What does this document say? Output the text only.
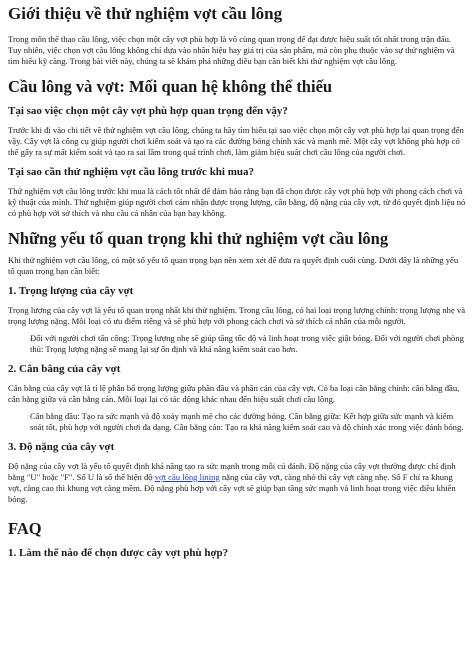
Giới thiệu về thử nghiệm vợt cầu lông

Trong môn thể thao cầu lông, việc chọn một cây vợt phù hợp là vô cùng quan trọng để đạt được hiệu suất tốt nhất trong trận đấu. Tuy nhiên, việc chọn vợt cầu lông không chỉ dựa vào nhãn hiệu hay giá trị của sản phẩm, mà còn phụ thuộc vào sự thử nghiệm và tìm hiểu kỹ càng. Trong bài viết này, chúng ta sẽ khám phá những điều bạn cần biết khi thử nghiệm vợt cầu lông.

Cầu lông và vợt: Mối quan hệ không thể thiếu
Tại sao việc chọn một cây vợt phù hợp quan trọng đến vậy?

Trước khi đi vào chi tiết về thử nghiệm vợt cầu lông, chúng ta hãy tìm hiểu tại sao việc chọn một cây vợt phù hợp lại quan trọng đến vậy. Cây vợt là công cụ giúp người chơi kiểm soát và tạo ra các đường bóng chính xác và mạnh mẽ. Một cây vợt không phù hợp có thể gây ra sự mất kiểm soát và tạo ra sai lầm trong quá trình chơi, làm giảm hiệu suất chơi cầu lông của người chơi.

Tại sao cần thử nghiệm vợt cầu lông trước khi mua?

Thử nghiệm vợt cầu lông trước khi mua là cách tốt nhất để đảm bảo rằng bạn đã chọn được cây vợt phù hợp với phong cách chơi và kỹ thuật của mình. Thử nghiệm giúp người chơi cảm nhận được trọng lượng, cân bằng, độ nặng của cây vợt, từ đó quyết định liệu nó có phù hợp với sở thích và nhu cầu cá nhân của bạn hay không.

Những yếu tố quan trọng khi thử nghiệm vợt cầu lông

Khi thử nghiệm vợt cầu lông, có một số yếu tố quan trọng bạn nên xem xét để đưa ra quyết định cuối cùng. Dưới đây là những yếu tố quan trọng bạn cần biết:

1. Trọng lượng của cây vợt

Trọng lượng của cây vợt là yếu tố quan trọng nhất khi thử nghiệm. Trong cầu lông, có hai loại trọng lượng chính: trọng lượng nhẹ và trọng lượng nặng. Mỗi loại có ưu điểm riêng và sẽ phù hợp với phong cách chơi và sở thích cá nhân của mỗi người.

Đối với người chơi tấn công: Trọng lượng nhẹ sẽ giúp tăng tốc độ và linh hoạt trong việc giật bóng. Đối với người chơi phòng thủ: Trọng lượng nặng sẽ mang lại sự ổn định và khả năng kiểm soát cao hơn.

2. Cân bằng của cây vợt

Cân bằng của cây vợt là tỉ lệ phân bổ trọng lượng giữa phần đầu và phần cán của cây vợt. Có ba loại cân bằng chính: cân bằng đầu, cân bằng giữa và cân bằng cán. Mỗi loại lại có tác động khác nhau đến hiệu suất chơi cầu lông.

Cân bằng đầu: Tạo ra sức mạnh và độ xoáy mạnh mẽ cho các đường bóng. Cân bằng giữa: Kết hợp giữa sức mạnh và kiểm soát tốt, phù hợp với người chơi đa dạng. Cân bằng cán: Tạo ra khả năng kiểm soát cao và độ chính xác trong việc đánh bóng.

3. Độ nặng của cây vợt

Độ nặng của cây vợt là yếu tố quyết định khả năng tạo ra sức mạnh trong mỗi cú đánh. Độ nặng của cây vợt thường được chỉ định bằng "U" hoặc "F". Số U là số thể hiện độ vợt cầu lông lining nặng của cây vợt, càng nhỏ thì cây vợt càng nhẹ. Số F chỉ ra khung vợt, càng cao thì khung vợt càng mềm. Độ nặng phù hợp với cây vợt sẽ giúp bạn tăng sức mạnh và linh hoạt trong việc điều khiển bóng.

FAQ
1. Làm thế nào để chọn được cây vợt phù hợp?
